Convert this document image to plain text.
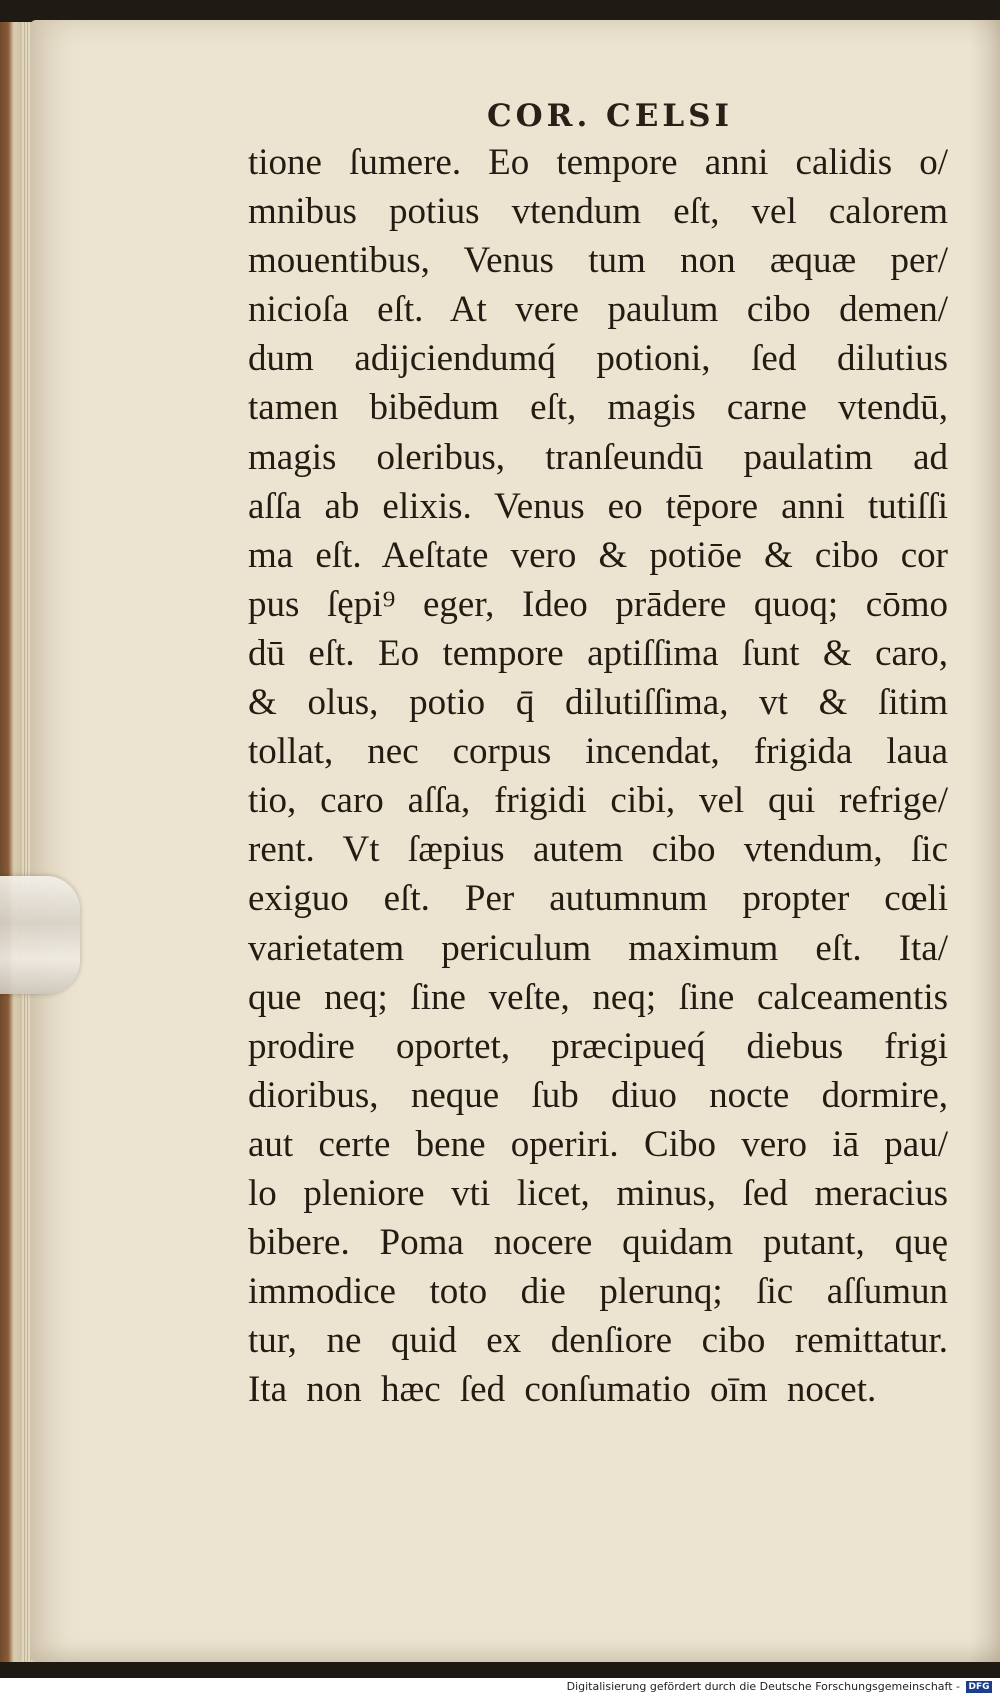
COR. CELSI
tione ſumere. Eo tempore anni calidis o/
mnibus potius vtendum eſt, vel calorem
mouentibus, Venus tum non æquæ per/
nicioſa eſt. At vere paulum cibo demen/
dum adijciendumq́ potioni, ſed dilutius
tamen bibēdum eſt, magis carne vtendū,
magis oleribus, tranſeundū paulatim ad
aſſa ab elixis. Venus eo tēpore anni tutiſſi
ma eſt. Aeſtate vero & potiōe & cibo cor
pus ſępi⁹ eger, Ideo prādere quoq; cōmo
dū eſt. Eo tempore aptiſſima ſunt & caro,
& olus, potio q̄ dilutiſſima, vt & ſitim
tollat, nec corpus incendat, frigida laua
tio, caro aſſa, frigidi cibi, vel qui refrige/
rent. Vt ſæpius autem cibo vtendum, ſic
exiguo eſt. Per autumnum propter cœli
varietatem periculum maximum eſt. Ita/
que neq; ſine veſte, neq; ſine calceamentis
prodire oportet, præcipueq́ diebus frigi
dioribus, neque ſub diuo nocte dormire,
aut certe bene operiri. Cibo vero iā pau/
lo pleniore vti licet, minus, ſed meracius
bibere. Poma nocere quidam putant, quę
immodice toto die plerunq; ſic aſſumun
tur, ne quid ex denſiore cibo remittatur.
Ita non hæc ſed conſumatio oīm nocet.
Digitalisierung gefördert durch die Deutsche Forschungsgemeinschaft - DFG
